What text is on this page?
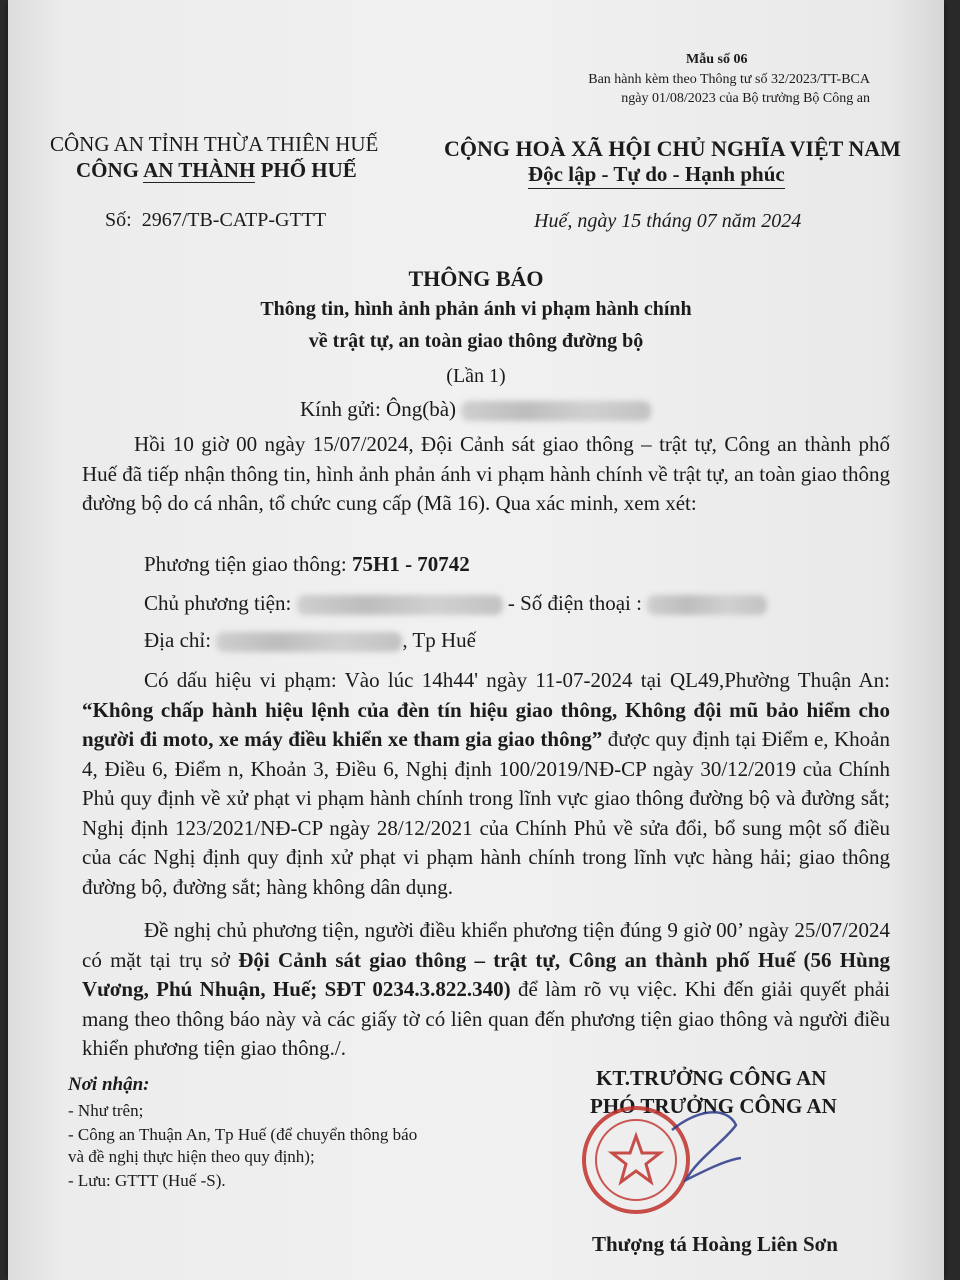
Mẫu số 06
Ban hành kèm theo Thông tư số 32/2023/TT-BCA
ngày 01/08/2023 của Bộ trưởng Bộ Công an
CÔNG AN TỈNH THỪA THIÊN HUẾ
CÔNG AN THÀNH PHỐ HUẾ
CỘNG HOÀ XÃ HỘI CHỦ NGHĨA VIỆT NAM
Độc lập - Tự do - Hạnh phúc
Số: 2967/TB-CATP-GTTT	Huế, ngày 15 tháng 07 năm 2024
THÔNG BÁO
Thông tin, hình ảnh phản ánh vi phạm hành chính
về trật tự, an toàn giao thông đường bộ
(Lần 1)
Kính gửi: Ông(bà)
Hồi 10 giờ 00 ngày 15/07/2024, Đội Cảnh sát giao thông – trật tự, Công an thành phố Huế đã tiếp nhận thông tin, hình ảnh phản ánh vi phạm hành chính về trật tự, an toàn giao thông đường bộ do cá nhân, tổ chức cung cấp (Mã 16). Qua xác minh, xem xét:
Phương tiện giao thông: 75H1 - 70742
Chủ phương tiện:	- Số điện thoại :
Địa chỉ:	, Tp Huế
Có dấu hiệu vi phạm: Vào lúc 14h44' ngày 11-07-2024 tại QL49,Phường Thuận An: “Không chấp hành hiệu lệnh của đèn tín hiệu giao thông, Không đội mũ bảo hiểm cho người đi moto, xe máy điều khiển xe tham gia giao thông” được quy định tại Điểm e, Khoản 4, Điều 6, Điểm n, Khoản 3, Điều 6, Nghị định 100/2019/NĐ-CP ngày 30/12/2019 của Chính Phủ quy định về xử phạt vi phạm hành chính trong lĩnh vực giao thông đường bộ và đường sắt; Nghị định 123/2021/NĐ-CP ngày 28/12/2021 của Chính Phủ về sửa đổi, bổ sung một số điều của các Nghị định quy định xử phạt vi phạm hành chính trong lĩnh vực hàng hải; giao thông đường bộ, đường sắt; hàng không dân dụng.
Đề nghị chủ phương tiện, người điều khiển phương tiện đúng 9 giờ 00’ ngày 25/07/2024 có mặt tại trụ sở Đội Cảnh sát giao thông – trật tự, Công an thành phố Huế (56 Hùng Vương, Phú Nhuận, Huế; SĐT 0234.3.822.340) để làm rõ vụ việc. Khi đến giải quyết phải mang theo thông báo này và các giấy tờ có liên quan đến phương tiện giao thông và người điều khiển phương tiện giao thông./.
Nơi nhận:
- Như trên;
- Công an Thuận An, Tp Huế (để chuyển thông báo
và đề nghị thực hiện theo quy định);
- Lưu: GTTT (Huế -S).
KT.TRƯỞNG CÔNG AN
PHÓ TRƯỞNG CÔNG AN
Thượng tá Hoàng Liên Sơn
